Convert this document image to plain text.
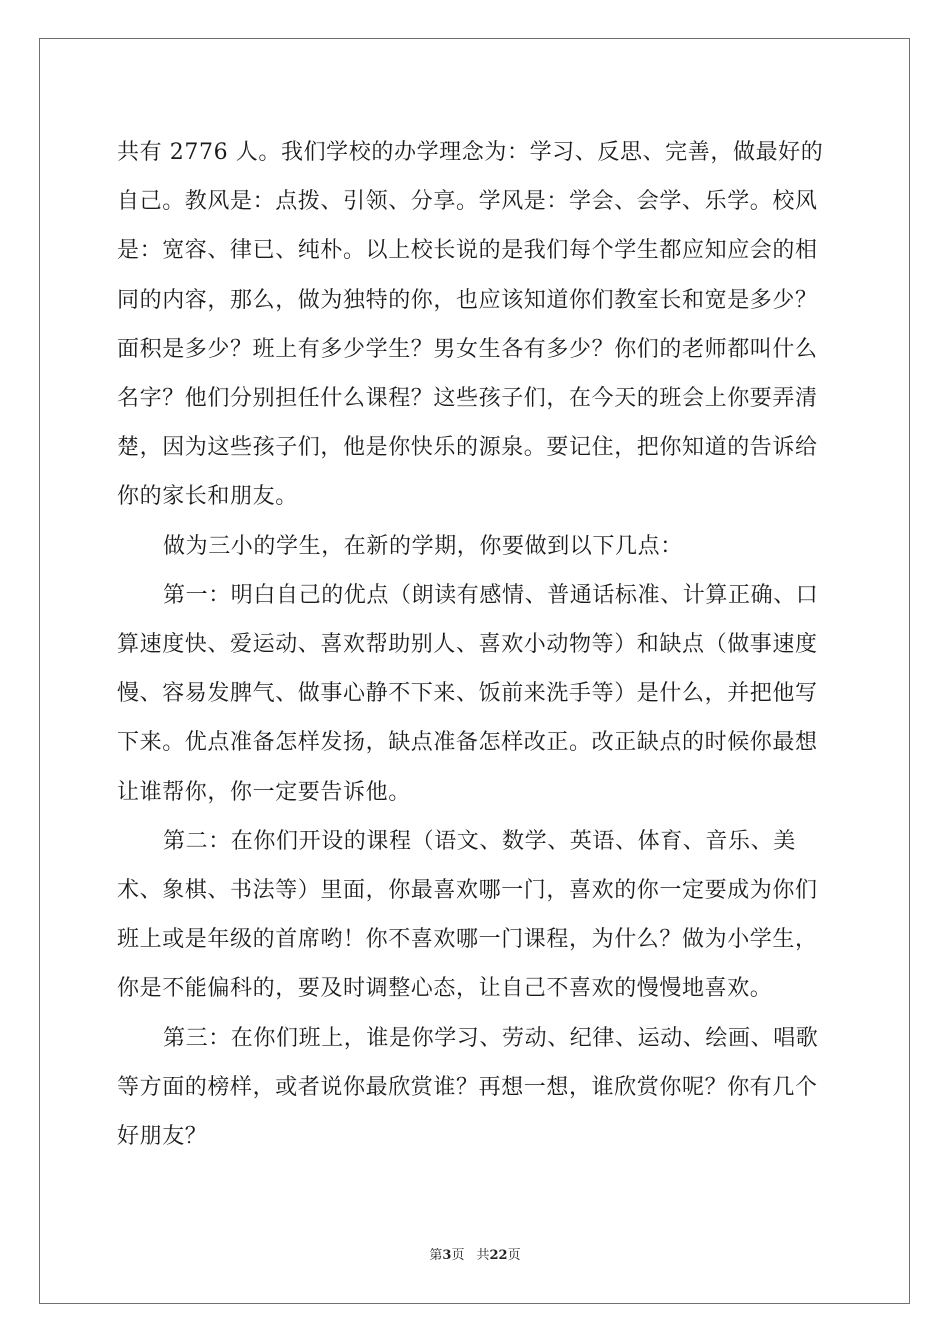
共有 2776 人。我们学校的办学理念为：学习、反思、完善，做最好的自己。教风是：点拨、引领、分享。学风是：学会、会学、乐学。校风是：宽容、律已、纯朴。以上校长说的是我们每个学生都应知应会的相同的内容，那么，做为独特的你，也应该知道你们教室长和宽是多少？面积是多少？班上有多少学生？男女生各有多少？你们的老师都叫什么名字？他们分别担任什么课程？这些孩子们，在今天的班会上你要弄清楚，因为这些孩子们，他是你快乐的源泉。要记住，把你知道的告诉给你的家长和朋友。

做为三小的学生，在新的学期，你要做到以下几点：

第一：明白自己的优点（朗读有感情、普通话标准、计算正确、口算速度快、爱运动、喜欢帮助别人、喜欢小动物等）和缺点（做事速度慢、容易发脾气、做事心静不下来、饭前来洗手等）是什么，并把他写下来。优点准备怎样发扬，缺点准备怎样改正。改正缺点的时候你最想让谁帮你，你一定要告诉他。

第二：在你们开设的课程（语文、数学、英语、体育、音乐、美术、象棋、书法等）里面，你最喜欢哪一门，喜欢的你一定要成为你们班上或是年级的首席哟！你不喜欢哪一门课程，为什么？做为小学生，你是不能偏科的，要及时调整心态，让自己不喜欢的慢慢地喜欢。

第三：在你们班上，谁是你学习、劳动、纪律、运动、绘画、唱歌等方面的榜样，或者说你最欣赏谁？再想一想，谁欣赏你呢？你有几个好朋友？

第3页 共22页
